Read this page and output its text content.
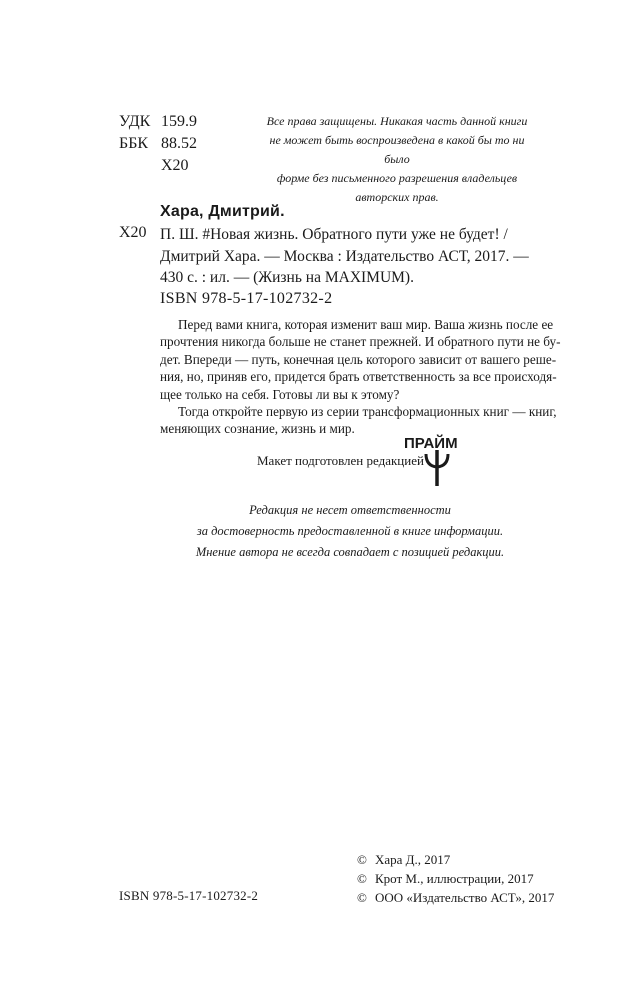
УДК 159.9
ББК 88.52
Х20
Все права защищены. Никакая часть данной книги
не может быть воспроизведена в какой бы то ни было
форме без письменного разрешения владельцев
авторских прав.
Хара, Дмитрий.
Х20 П. Ш. #Новая жизнь. Обратного пути уже не будет! /
Дмитрий Хара. — Москва : Издательство АСТ, 2017. —
430 с. : ил. — (Жизнь на MAXIMUM).
ISBN 978-5-17-102732-2
Перед вами книга, которая изменит ваш мир. Ваша жизнь после ее
прочтения никогда больше не станет прежней. И обратного пути не бу-
дет. Впереди — путь, конечная цель которого зависит от вашего реше-
ния, но, приняв его, придется брать ответственность за все происходя-
щее только на себя. Готовы ли вы к этому?
Тогда откройте первую из серии трансформационных книг — книг,
меняющих сознание, жизнь и мир.
Макет подготовлен редакцией
ПРАЙМ
Редакция не несет ответственности
за достоверность предоставленной в книге информации.
Мнение автора не всегда совпадает с позицией редакции.
© Хара Д., 2017
© Крот М., иллюстрации, 2017
© ООО «Издательство АСТ», 2017
ISBN 978-5-17-102732-2
